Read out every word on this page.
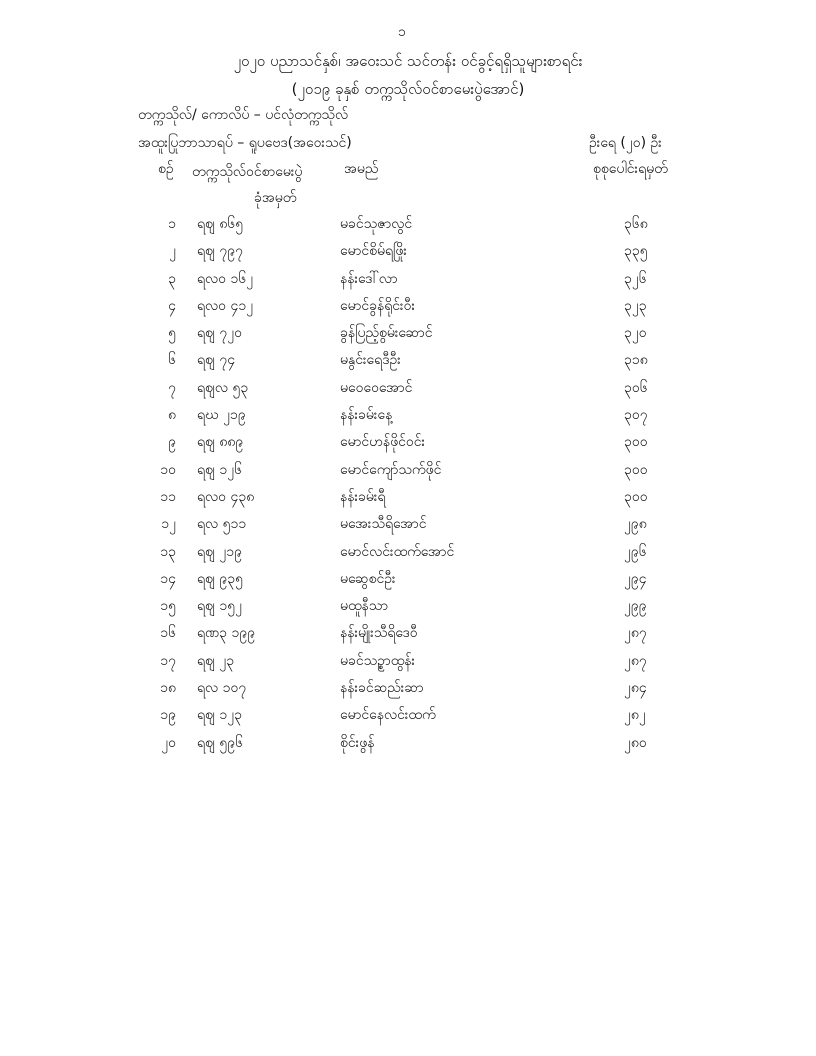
၁
၂၀၂၀ ပညာသင်နှစ်၊ အဝေးသင် သင်တန်း ဝင်ခွင့်ရရှိသူများစာရင်း
(၂၀၁၉ ခုနှစ် တက္ကသိုလ်ဝင်စာမေးပွဲအောင်)
တက္ကသိုလ်/ ကောလိပ် – ပင်လုံတက္ကသိုလ်
အထူးပြုဘာသာရပ် – ရူပဗေဒ(အဝေးသင်)	ဦးရေ (၂၀) ဦး
စဉ် တက္ကသိုလ်ဝင်စာမေးပွဲ
ခုံအမှတ်
အမည်	စုစုပေါင်းရမှတ်
၁ ရဈ ၈၆၅	မခင်သုဇာလွင်	၃၆၈
၂ ရဈ ၇၉၇	မောင်စိမ်ရဖြိုး	၃၃၅
၃ ရလဝ ၁၆၂	နန်းဒေါ်လာ	၃၂၆
၄ ရလဝ ၄၁၂	မောင်ခွန်ရိုင်းဝီး	၃၂၃
၅ ရဈ ၇၂၀	ခွန်ပြည့်စွမ်းဆောင်	၃၂၀
၆ ရဈ ၇၄	မနွင်းရေဒီဦး	၃၁၈
၇ ရဈလ ၅၃	မဝေဝေအောင်	၃၀၆
၈ ရဃ ၂၁၉	နန်းခမ်းနေ့	၃၀၇
၉ ရဈ ၈၈၉	မောင်ဟန်ဖိုင်ဝင်း	၃၀၀
၁၀ ရဈ ၁၂၆	မောင်ကျော်သက်ဖိုင်	၃၀၀
၁၁ ရလဝ ၄၃၈	နန်းခမ်းရီ	၃၀၀
၁၂ ရလ ၅၁၁	မအေးသီရိအောင်	၂၉၈
၁၃ ရဈ ၂၁၉	မောင်လင်းထက်အောင်	၂၉၆
၁၄ ရဈ ၉၃၅	မဆွေစင်ဦး	၂၉၄
၁၅ ရဈ ၁၅၂	မထူနီသာ	၂၉၉
၁၆ ရဏ၃ ၁၉၉	နန်းမျိုးသီရိဒေဝီ	၂၈၇
၁၇ ရဈ ၂၃	မခင်သဥ္စာထွန်း	၂၈၇
၁၈ ရလ ၁၀၇	နန်းခင်ဆည်းဆာ	၂၈၄
၁၉ ရဈ ၁၂၃	မောင်နေလင်းထက်	၂၈၂
၂၀ ရဈ ၅၉၆	စိုင်းဖွန်	၂၈၀
